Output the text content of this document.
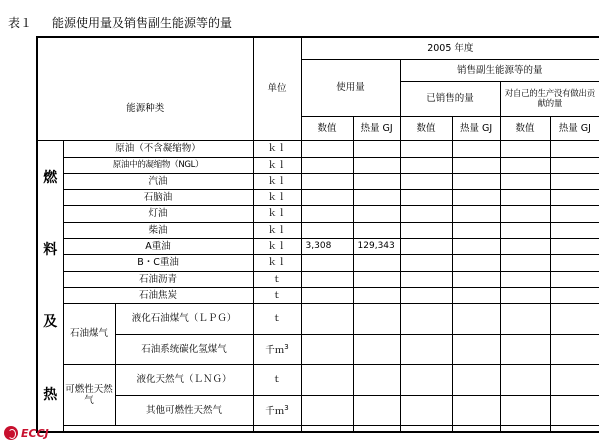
表１	能源使用量及销售副生能源等的量
能源种类			单位	2005 年度					
				使用量		销售副生能源等的量			
						已销售的量		对自己的生产没有做出贡献的量	
				数值	热量 GJ	数值	热量 GJ	数值	热量 GJ

燃
料
及
热	原油（不含凝缩物）		ｋｌ						
	原油中的凝缩物（NGL）		ｋｌ						
	汽油		ｋｌ						
	石脑油		ｋｌ						
	灯油		ｋｌ						
	柴油		ｋｌ						
	A重油		ｋｌ	3,308	129,343				
	B・C重油		ｋｌ						
	石油沥青		ｔ						
	石油焦炭		ｔ						
	石油煤气	液化石油煤气（ＬＰＧ）	ｔ						
		石油系统碳化氢煤气	千ｍ$^3$						
	可燃性天然气	液化天然气（ＬＮＧ）	ｔ						
		其他可燃性天然气	千ｍ$^3$						

ECCJ
